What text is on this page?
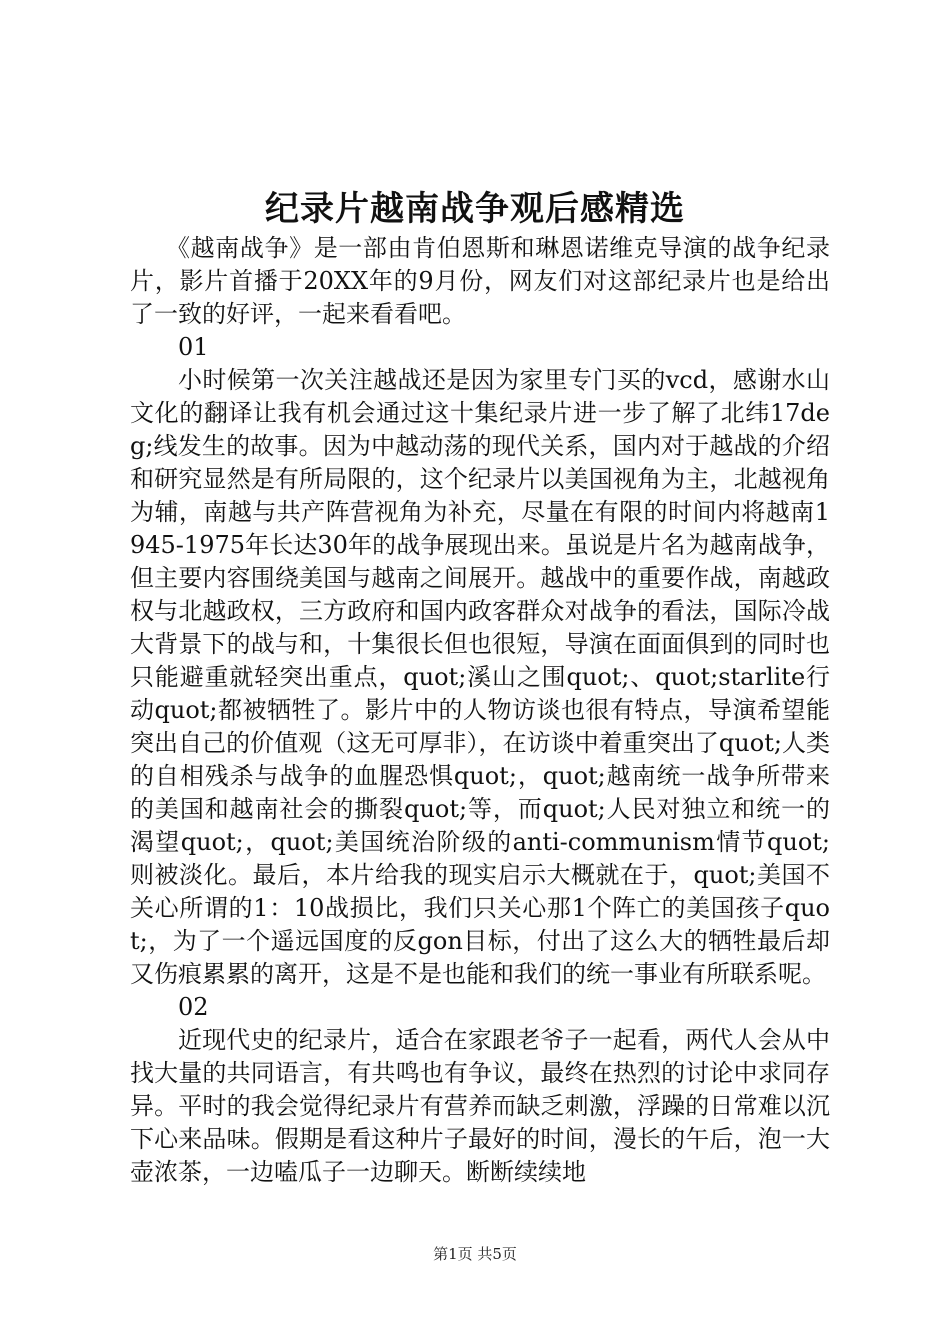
纪录片越南战争观后感精选

《越南战争》是一部由肯伯恩斯和琳恩诺维克导演的战争纪录片，影片首播于20XX年的9月份，网友们对这部纪录片也是给出了一致的好评，一起来看看吧。

01

小时候第一次关注越战还是因为家里专门买的vcd，感谢水山文化的翻译让我有机会通过这十集纪录片进一步了解了北纬17deg;线发生的故事。因为中越动荡的现代关系，国内对于越战的介绍和研究显然是有所局限的，这个纪录片以美国视角为主，北越视角为辅，南越与共产阵营视角为补充，尽量在有限的时间内将越南1945-1975年长达30年的战争展现出来。虽说是片名为越南战争，但主要内容围绕美国与越南之间展开。越战中的重要作战，南越政权与北越政权，三方政府和国内政客群众对战争的看法，国际冷战大背景下的战与和，十集很长但也很短，导演在面面俱到的同时也只能避重就轻突出重点，quot;溪山之围quot;、quot;starlite行动quot;都被牺牲了。影片中的人物访谈也很有特点，导演希望能突出自己的价值观（这无可厚非），在访谈中着重突出了quot;人类的自相残杀与战争的血腥恐惧quot;，quot;越南统一战争所带来的美国和越南社会的撕裂quot;等，而quot;人民对独立和统一的渴望quot;，quot;美国统治阶级的anti-communism情节quot;则被淡化。最后，本片给我的现实启示大概就在于，quot;美国不关心所谓的1：10战损比，我们只关心那1个阵亡的美国孩子quot;，为了一个遥远国度的反gon目标，付出了这么大的牺牲最后却又伤痕累累的离开，这是不是也能和我们的统一事业有所联系呢。

02

近现代史的纪录片，适合在家跟老爷子一起看，两代人会从中找大量的共同语言，有共鸣也有争议，最终在热烈的讨论中求同存异。平时的我会觉得纪录片有营养而缺乏刺激，浮躁的日常难以沉下心来品味。假期是看这种片子最好的时间，漫长的午后，泡一大壶浓茶，一边嗑瓜子一边聊天。断断续续地

第1页 共5页
